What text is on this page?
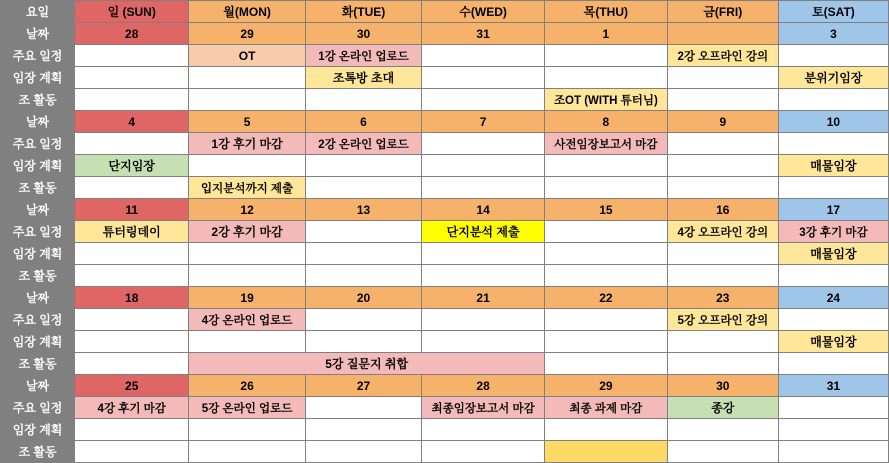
요일	일 (SUN)	월(MON)	화(TUE)	수(WED)	목(THU)	금(FRI)	토(SAT)
날짜	28	29	30	31	1		3
주요 일정		OT	1강 온라인 업로드			2강 오프라인 강의	
임장 계획			조톡방 초대				분위기임장
조 활동					조OT (WITH 튜터님)		
날짜	4	5	6	7	8	9	10
주요 일정		1강 후기 마감	2강 온라인 업로드		사전임장보고서 마감		
임장 계획	단지임장						매물임장
조 활동		입지분석까지 제출					
날짜	11	12	13	14	15	16	17
주요 일정	튜터링데이	2강 후기 마감		단지분석 제출		4강 오프라인 강의	3강 후기 마감
임장 계획							매물임장
조 활동							
날짜	18	19	20	21	22	23	24
주요 일정		4강 온라인 업로드				5강 오프라인 강의	
임장 계획							매물임장
조 활동		5강 질문지 취합					
날짜	25	26	27	28	29	30	31
주요 일정	4강 후기 마감	5강 온라인 업로드		최종임장보고서 마감	최종 과제 마감	종강	
임장 계획							
조 활동							
